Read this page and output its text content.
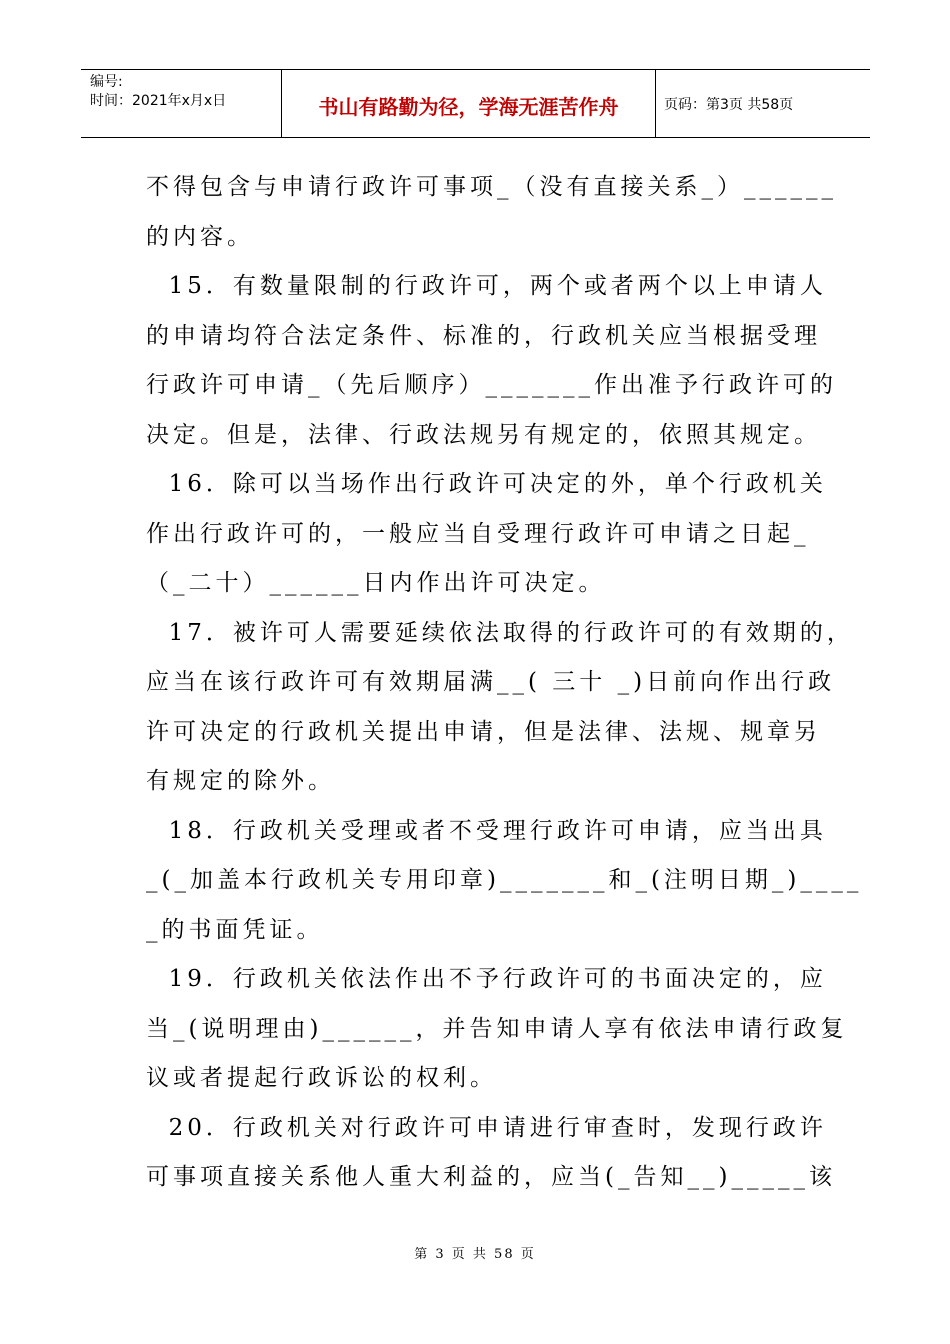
编号:
时间：2021年x月x日	书山有路勤为径，学海无涯苦作舟	页码：第3页 共58页
不得包含与申请行政许可事项_（没有直接关系_）______
的内容。
15．有数量限制的行政许可，两个或者两个以上申请人
的申请均符合法定条件、标准的，行政机关应当根据受理
行政许可申请_（先后顺序）_______作出准予行政许可的
决定。但是，法律、行政法规另有规定的，依照其规定。
16．除可以当场作出行政许可决定的外，单个行政机关
作出行政许可的，一般应当自受理行政许可申请之日起_
（_二十）______日内作出许可决定。
17．被许可人需要延续依法取得的行政许可的有效期的，
应当在该行政许可有效期届满__( 三十 _)日前向作出行政
许可决定的行政机关提出申请，但是法律、法规、规章另
有规定的除外。
18．行政机关受理或者不受理行政许可申请，应当出具
_(_加盖本行政机关专用印章)_______和_(注明日期_)____
_的书面凭证。
19．行政机关依法作出不予行政许可的书面决定的，应
当_(说明理由)______，并告知申请人享有依法申请行政复
议或者提起行政诉讼的权利。
20．行政机关对行政许可申请进行审查时，发现行政许
可事项直接关系他人重大利益的，应当(_告知__)_____该
第 3 页 共 58 页
